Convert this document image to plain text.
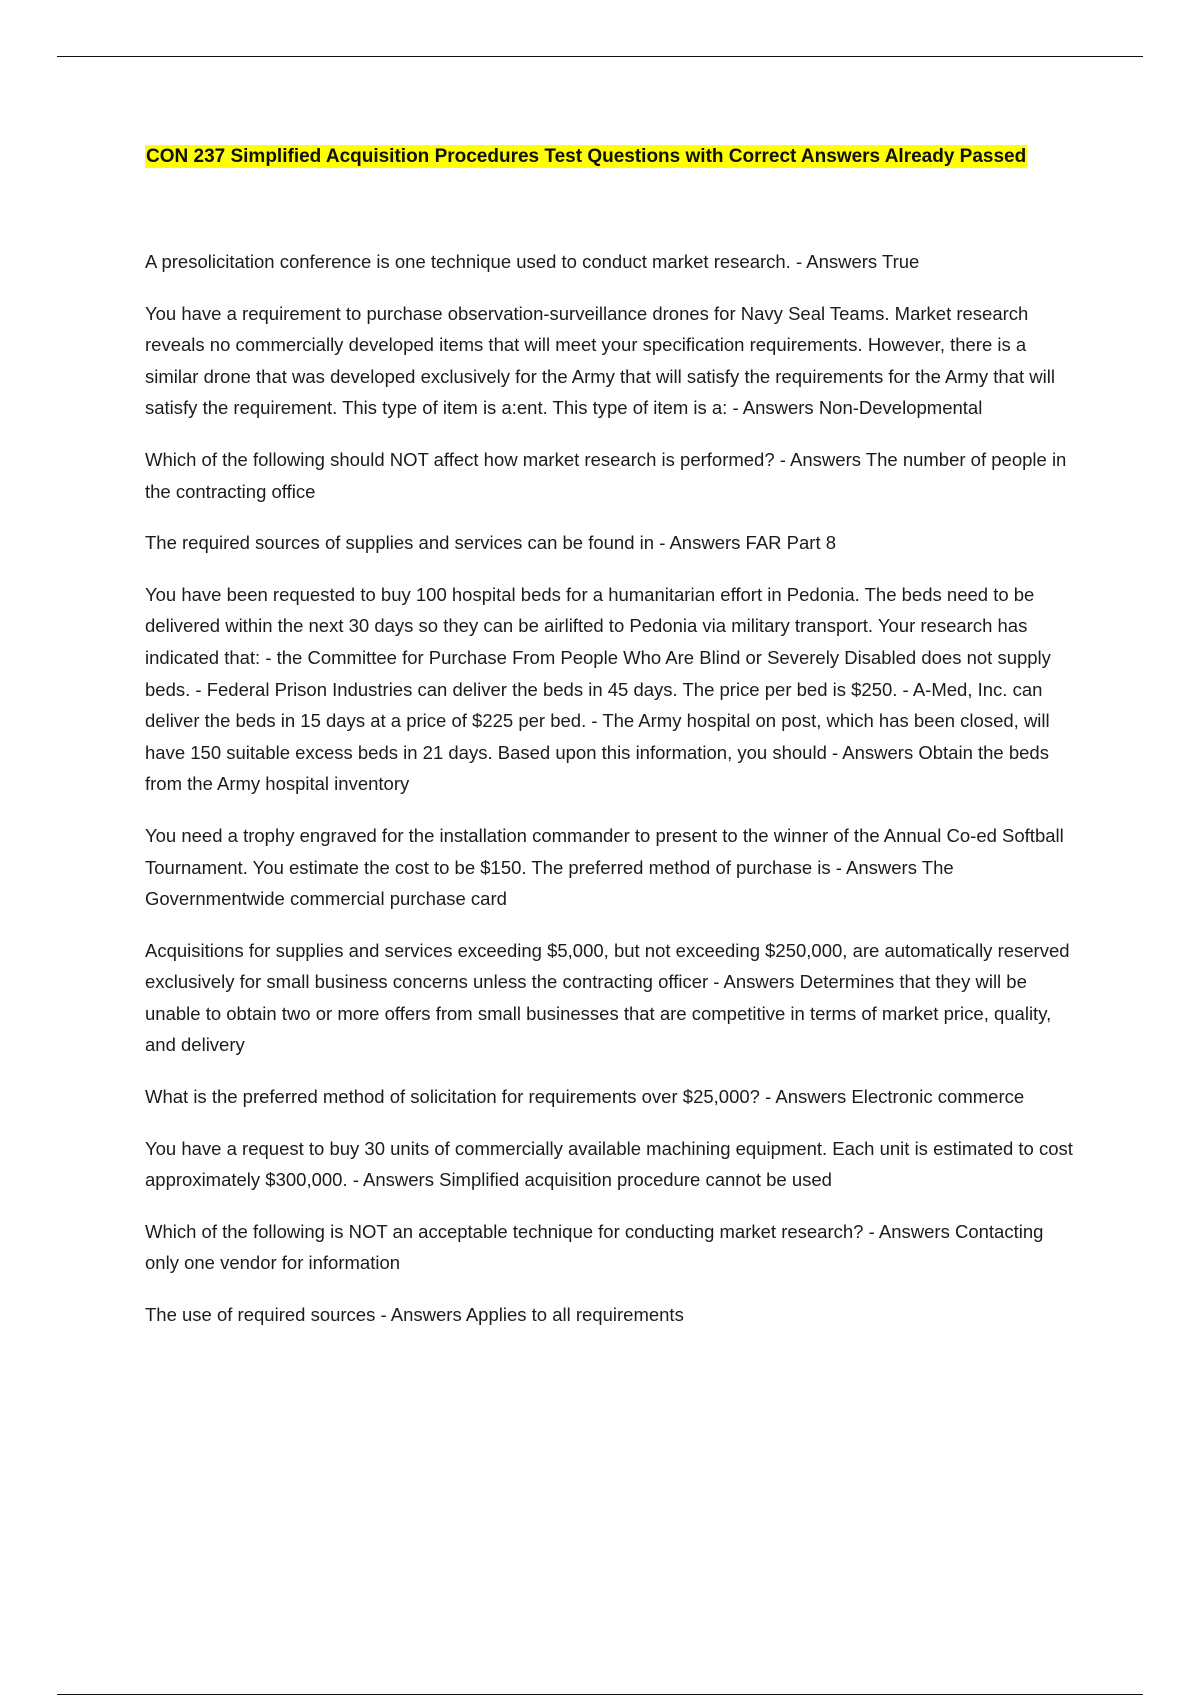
CON 237 Simplified Acquisition Procedures Test Questions with Correct Answers Already Passed

A presolicitation conference is one technique used to conduct market research. - Answers True

You have a requirement to purchase observation-surveillance drones for Navy Seal Teams. Market research reveals no commercially developed items that will meet your specification requirements. However, there is a similar drone that was developed exclusively for the Army that will satisfy the requirements for the Army that will satisfy the requirement. This type of item is a:ent. This type of item is a: - Answers Non-Developmental

Which of the following should NOT affect how market research is performed? - Answers The number of people in the contracting office

The required sources of supplies and services can be found in - Answers FAR Part 8

You have been requested to buy 100 hospital beds for a humanitarian effort in Pedonia. The beds need to be delivered within the next 30 days so they can be airlifted to Pedonia via military transport. Your research has indicated that: - the Committee for Purchase From People Who Are Blind or Severely Disabled does not supply beds. - Federal Prison Industries can deliver the beds in 45 days. The price per bed is $250. - A-Med, Inc. can deliver the beds in 15 days at a price of $225 per bed. - The Army hospital on post, which has been closed, will have 150 suitable excess beds in 21 days. Based upon this information, you should - Answers Obtain the beds from the Army hospital inventory

You need a trophy engraved for the installation commander to present to the winner of the Annual Co-ed Softball Tournament. You estimate the cost to be $150. The preferred method of purchase is - Answers The Governmentwide commercial purchase card

Acquisitions for supplies and services exceeding $5,000, but not exceeding $250,000, are automatically reserved exclusively for small business concerns unless the contracting officer - Answers Determines that they will be unable to obtain two or more offers from small businesses that are competitive in terms of market price, quality, and delivery

What is the preferred method of solicitation for requirements over $25,000? - Answers Electronic commerce

You have a request to buy 30 units of commercially available machining equipment. Each unit is estimated to cost approximately $300,000. - Answers Simplified acquisition procedure cannot be used

Which of the following is NOT an acceptable technique for conducting market research? - Answers Contacting only one vendor for information

The use of required sources - Answers Applies to all requirements
